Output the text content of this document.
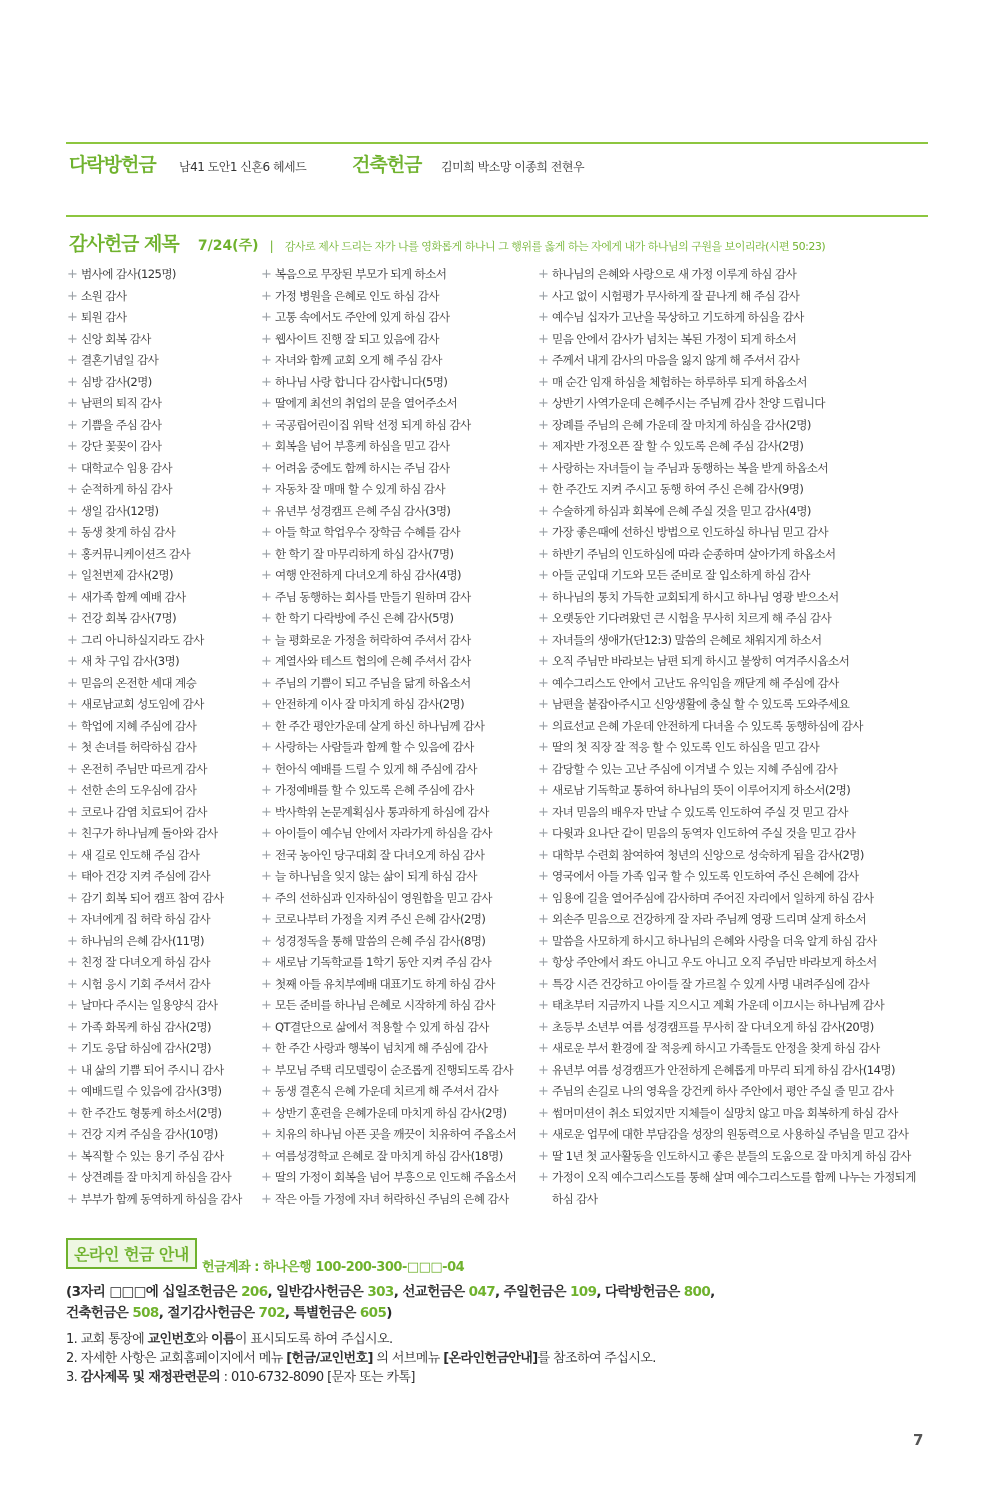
다락방헌금 남41 도안1 신혼6 헤세드 건축헌금 김미희 박소망 이종희 전현우
감사헌금 제목 7/24(주) | 감사로 제사 드리는 자가 나를 영화롭게 하나니 그 행위를 옳게 하는 자에게 내가 하나님의 구원을 보이리라(시편 50:23)
+ 범사에 감사(125명)
+ 소원 감사
+ 퇴원 감사
+ 신앙 회복 감사
+ 결혼기념일 감사
+ 심방 감사(2명)
+ 남편의 퇴직 감사
+ 기쁨을 주심 감사
+ 강단 꽃꽂이 감사
+ 대학교수 임용 감사
+ 순적하게 하심 감사
+ 생일 감사(12명)
+ 동생 찾게 하심 감사
+ 홍커뮤니케이션즈 감사
+ 일천번제 감사(2명)
+ 새가족 함께 예배 감사
+ 건강 회복 감사(7명)
+ 그리 아니하실지라도 감사
+ 새 차 구입 감사(3명)
+ 믿음의 온전한 세대 계승
+ 새로남교회 성도임에 감사
+ 학업에 지혜 주심에 감사
+ 첫 손녀를 허락하심 감사
+ 온전히 주님만 따르게 감사
+ 선한 손의 도우심에 감사
+ 코로나 감염 치료되어 감사
+ 친구가 하나님께 돌아와 감사
+ 새 길로 인도해 주심 감사
+ 태아 건강 지켜 주심에 감사
+ 감기 회복 되어 캠프 참여 감사
+ 자녀에게 집 허락 하심 감사
+ 하나님의 은혜 감사(11명)
+ 친정 잘 다녀오게 하심 감사
+ 시험 응시 기회 주셔서 감사
+ 날마다 주시는 일용양식 감사
+ 가족 화목케 하심 감사(2명)
+ 기도 응답 하심에 감사(2명)
+ 내 삶의 기쁨 되어 주시니 감사
+ 예배드릴 수 있음에 감사(3명)
+ 한 주간도 형통케 하소서(2명)
+ 건강 지켜 주심을 감사(10명)
+ 복직할 수 있는 용기 주심 감사
+ 상견례를 잘 마치게 하심을 감사
+ 부부가 함께 동역하게 하심을 감사
+ 복음으로 무장된 부모가 되게 하소서
+ 가정 병원을 은혜로 인도 하심 감사
+ 고통 속에서도 주안에 있게 하심 감사
+ 웹사이트 진행 잘 되고 있음에 감사
+ 자녀와 함께 교회 오게 해 주심 감사
+ 하나님 사랑 합니다 감사합니다(5명)
+ 딸에게 최선의 취업의 문을 열어주소서
+ 국공립어린이집 위탁 선정 되게 하심 감사
+ 회복을 넘어 부흥케 하심을 믿고 감사
+ 어려움 중에도 함께 하시는 주님 감사
+ 자동차 잘 매매 할 수 있게 하심 감사
+ 유년부 성경캠프 은혜 주심 감사(3명)
+ 아들 학교 학업우수 장학금 수혜를 감사
+ 한 학기 잘 마무리하게 하심 감사(7명)
+ 여행 안전하게 다녀오게 하심 감사(4명)
+ 주님 동행하는 회사를 만들기 원하며 감사
+ 한 학기 다락방에 주신 은혜 감사(5명)
+ 늘 평화로운 가정을 허락하여 주셔서 감사
+ 계열사와 테스트 협의에 은혜 주셔서 감사
+ 주님의 기쁨이 되고 주님을 닮게 하옵소서
+ 안전하게 이사 잘 마치게 하심 감사(2명)
+ 한 주간 평안가운데 살게 하신 하나님께 감사
+ 사랑하는 사람들과 함께 할 수 있음에 감사
+ 헌아식 예배를 드릴 수 있게 해 주심에 감사
+ 가정예배를 할 수 있도록 은혜 주심에 감사
+ 박사학위 논문계획심사 통과하게 하심에 감사
+ 아이들이 예수님 안에서 자라가게 하심을 감사
+ 전국 농아인 당구대회 잘 다녀오게 하심 감사
+ 늘 하나님을 잊지 않는 삶이 되게 하심 감사
+ 주의 선하심과 인자하심이 영원함을 믿고 감사
+ 코로나부터 가정을 지켜 주신 은혜 감사(2명)
+ 성경정독을 통해 말씀의 은혜 주심 감사(8명)
+ 새로남 기독학교를 1학기 동안 지켜 주심 감사
+ 첫째 아들 유치부예배 대표기도 하게 하심 감사
+ 모든 준비를 하나님 은혜로 시작하게 하심 감사
+ QT결단으로 삶에서 적용할 수 있게 하심 감사
+ 한 주간 사랑과 행복이 넘치게 해 주심에 감사
+ 부모님 주택 리모델링이 순조롭게 진행되도록 감사
+ 동생 결혼식 은혜 가운데 치르게 해 주셔서 감사
+ 상반기 훈련을 은혜가운데 마치게 하심 감사(2명)
+ 치유의 하나님 아픈 곳을 깨끗이 치유하여 주옵소서
+ 여름성경학교 은혜로 잘 마치게 하심 감사(18명)
+ 딸의 가정이 회복을 넘어 부흥으로 인도해 주옵소서
+ 작은 아들 가정에 자녀 허락하신 주님의 은혜 감사
+ 하나님의 은혜와 사랑으로 새 가정 이루게 하심 감사
+ 사고 없이 시험평가 무사하게 잘 끝나게 해 주심 감사
+ 예수님 십자가 고난을 묵상하고 기도하게 하심을 감사
+ 믿음 안에서 감사가 넘치는 복된 가정이 되게 하소서
+ 주께서 내게 감사의 마음을 잃지 않게 해 주셔서 감사
+ 매 순간 임재 하심을 체험하는 하루하루 되게 하옵소서
+ 상반기 사역가운데 은혜주시는 주님께 감사 찬양 드립니다
+ 장례를 주님의 은혜 가운데 잘 마치게 하심을 감사(2명)
+ 제자반 가정오픈 잘 할 수 있도록 은혜 주심 감사(2명)
+ 사랑하는 자녀들이 늘 주님과 동행하는 복을 받게 하옵소서
+ 한 주간도 지켜 주시고 동행 하여 주신 은혜 감사(9명)
+ 수술하게 하심과 회복에 은혜 주실 것을 믿고 감사(4명)
+ 가장 좋은때에 선하신 방법으로 인도하실 하나님 믿고 감사
+ 하반기 주님의 인도하심에 따라 순종하며 살아가게 하옵소서
+ 아들 군입대 기도와 모든 준비로 잘 입소하게 하심 감사
+ 하나님의 통치 가득한 교회되게 하시고 하나님 영광 받으소서
+ 오랫동안 기다려왔던 큰 시험을 무사히 치르게 해 주심 감사
+ 자녀들의 생애가(단12:3) 말씀의 은혜로 채워지게 하소서
+ 오직 주님만 바라보는 남편 되게 하시고 불쌍히 여겨주시옵소서
+ 예수그리스도 안에서 고난도 유익임을 깨닫게 해 주심에 감사
+ 남편을 붙잡아주시고 신앙생활에 충실 할 수 있도록 도와주세요
+ 의료선교 은혜 가운데 안전하게 다녀올 수 있도록 동행하심에 감사
+ 딸의 첫 직장 잘 적응 할 수 있도록 인도 하심을 믿고 감사
+ 감당할 수 있는 고난 주심에 이겨낼 수 있는 지혜 주심에 감사
+ 새로남 기독학교 통하여 하나님의 뜻이 이루어지게 하소서(2명)
+ 자녀 믿음의 배우자 만날 수 있도록 인도하여 주실 것 믿고 감사
+ 다윗과 요나단 같이 믿음의 동역자 인도하여 주실 것을 믿고 감사
+ 대학부 수련회 참여하여 청년의 신앙으로 성숙하게 됨을 감사(2명)
+ 영국에서 아들 가족 입국 할 수 있도록 인도하여 주신 은혜에 감사
+ 임용에 길을 열어주심에 감사하며 주어진 자리에서 일하게 하심 감사
+ 외손주 믿음으로 건강하게 잘 자라 주님께 영광 드리며 살게 하소서
+ 말씀을 사모하게 하시고 하나님의 은혜와 사랑을 더욱 알게 하심 감사
+ 항상 주안에서 좌도 아니고 우도 아니고 오직 주님만 바라보게 하소서
+ 특강 시즌 건강하고 아이들 잘 가르칠 수 있게 사명 내려주심에 감사
+ 태초부터 지금까지 나를 지으시고 계획 가운데 이끄시는 하나님께 감사
+ 초등부 소년부 여름 성경캠프를 무사히 잘 다녀오게 하심 감사(20명)
+ 새로운 부서 환경에 잘 적응케 하시고 가족들도 안정을 찾게 하심 감사
+ 유년부 여름 성경캠프가 안전하게 은혜롭게 마무리 되게 하심 감사(14명)
+ 주님의 손길로 나의 영육을 강건케 하사 주안에서 평안 주실 줄 믿고 감사
+ 썸머미션이 취소 되었지만 지체들이 실망치 않고 마음 회복하게 하심 감사
+ 새로운 업무에 대한 부담감을 성장의 원동력으로 사용하실 주님을 믿고 감사
+ 딸 1년 첫 교사활동을 인도하시고 좋은 분들의 도움으로 잘 마치게 하심 감사
+ 가정이 오직 예수그리스도를 통해 살며 예수그리스도를 함께 나누는 가정되게
하심 감사
온라인 헌금 안내
헌금계좌 : 하나은행 100-200-300-□□□-04
(3자리 □□□에 십일조헌금은 206, 일반감사헌금은 303, 선교헌금은 047, 주일헌금은 109, 다락방헌금은 800,
건축헌금은 508, 절기감사헌금은 702, 특별헌금은 605)
1. 교회 통장에 교인번호와 이름이 표시되도록 하여 주십시오.
2. 자세한 사항은 교회홈페이지에서 메뉴 [헌금/교인번호] 의 서브메뉴 [온라인헌금안내]를 참조하여 주십시오.
3. 감사제목 및 재정관련문의 : 010-6732-8090 [문자 또는 카톡]
7
